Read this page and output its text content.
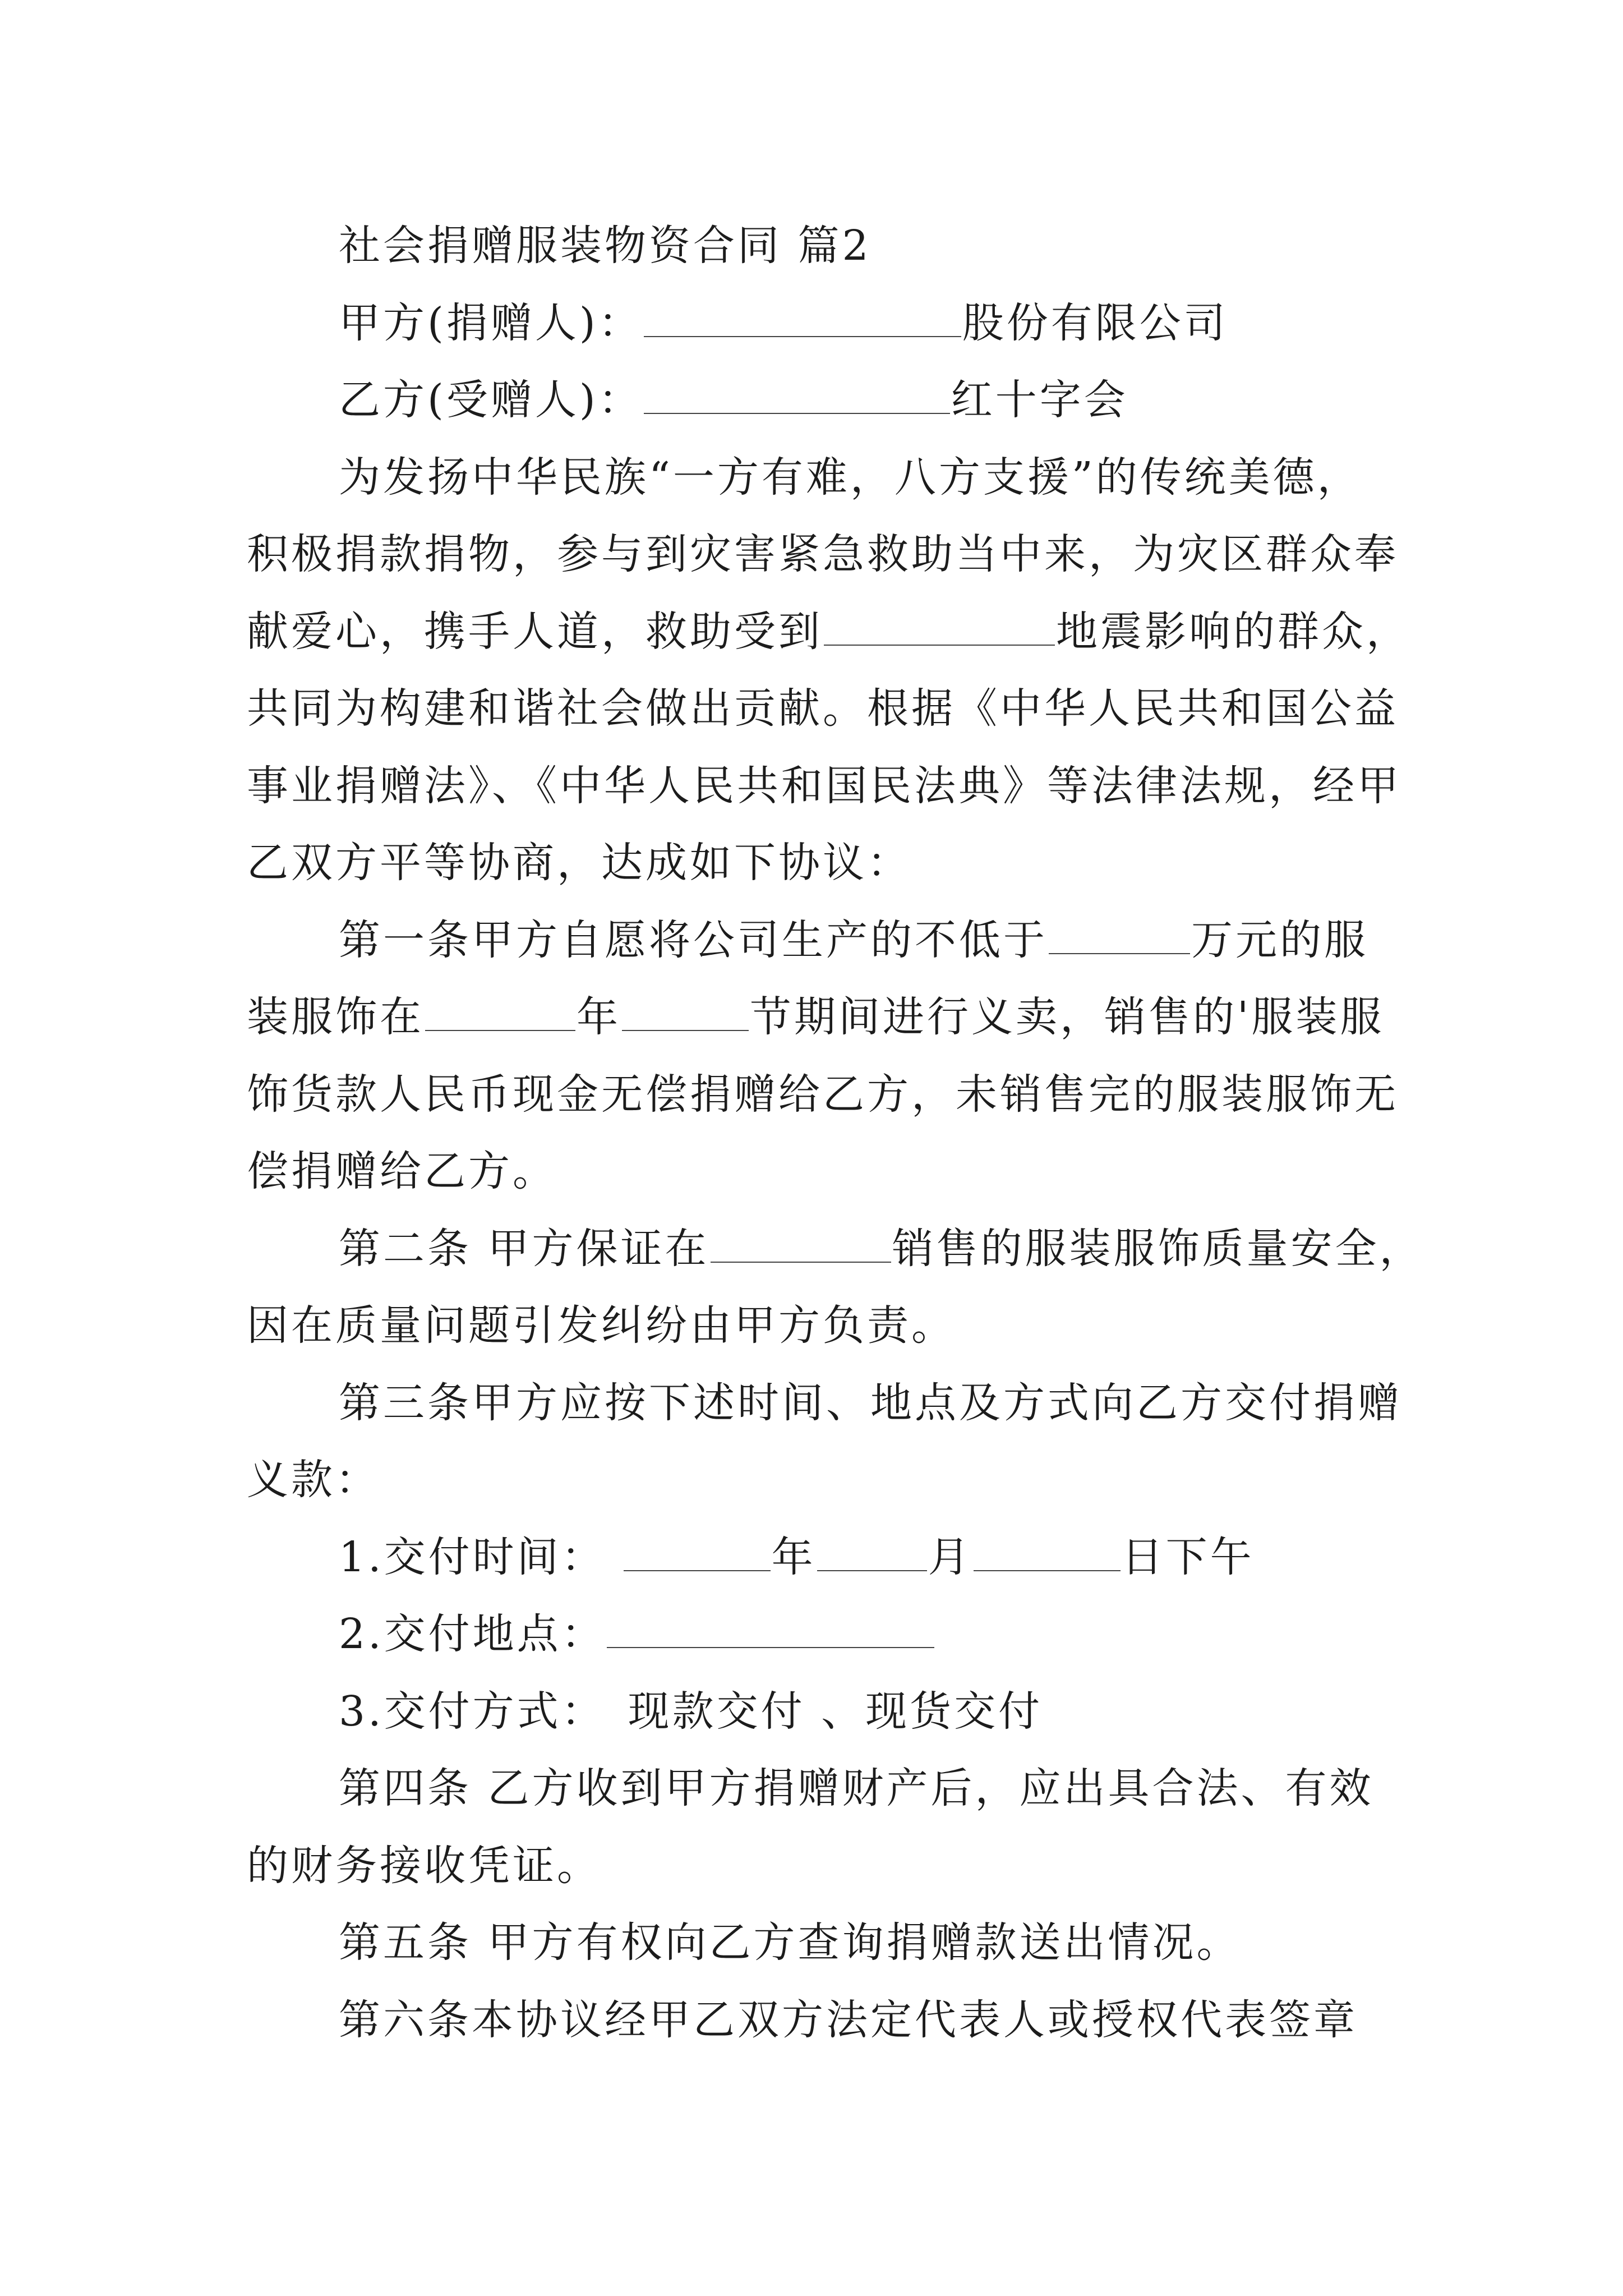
社会捐赠服装物资合同 篇2
甲方(捐赠人)：	股份有限公司
乙方(受赠人)：	红十字会
为发扬中华民族“一方有难，八方支援”的传统美德，
积极捐款捐物，参与到灾害紧急救助当中来，为灾区群众奉
献爱心，携手人道，救助受到	地震影响的群众，
共同为构建和谐社会做出贡献。根据《中华人民共和国公益
事业捐赠法》、《中华人民共和国民法典》等法律法规，经甲
乙双方平等协商，达成如下协议：
第一条甲方自愿将公司生产的不低于	万元的服
装服饰在	年	节期间进行义卖，销售的'服装服
饰货款人民币现金无偿捐赠给乙方，未销售完的服装服饰无
偿捐赠给乙方。
第二条 甲方保证在	销售的服装服饰质量安全，
因在质量问题引发纠纷由甲方负责。
第三条甲方应按下述时间、地点及方式向乙方交付捐赠
义款：
1.交付时间：	年	月	日下午
2.交付地点：
3.交付方式： 现款交付 、现货交付
第四条 乙方收到甲方捐赠财产后，应出具合法、有效
的财务接收凭证。
第五条 甲方有权向乙方查询捐赠款送出情况。
第六条本协议经甲乙双方法定代表人或授权代表签章
